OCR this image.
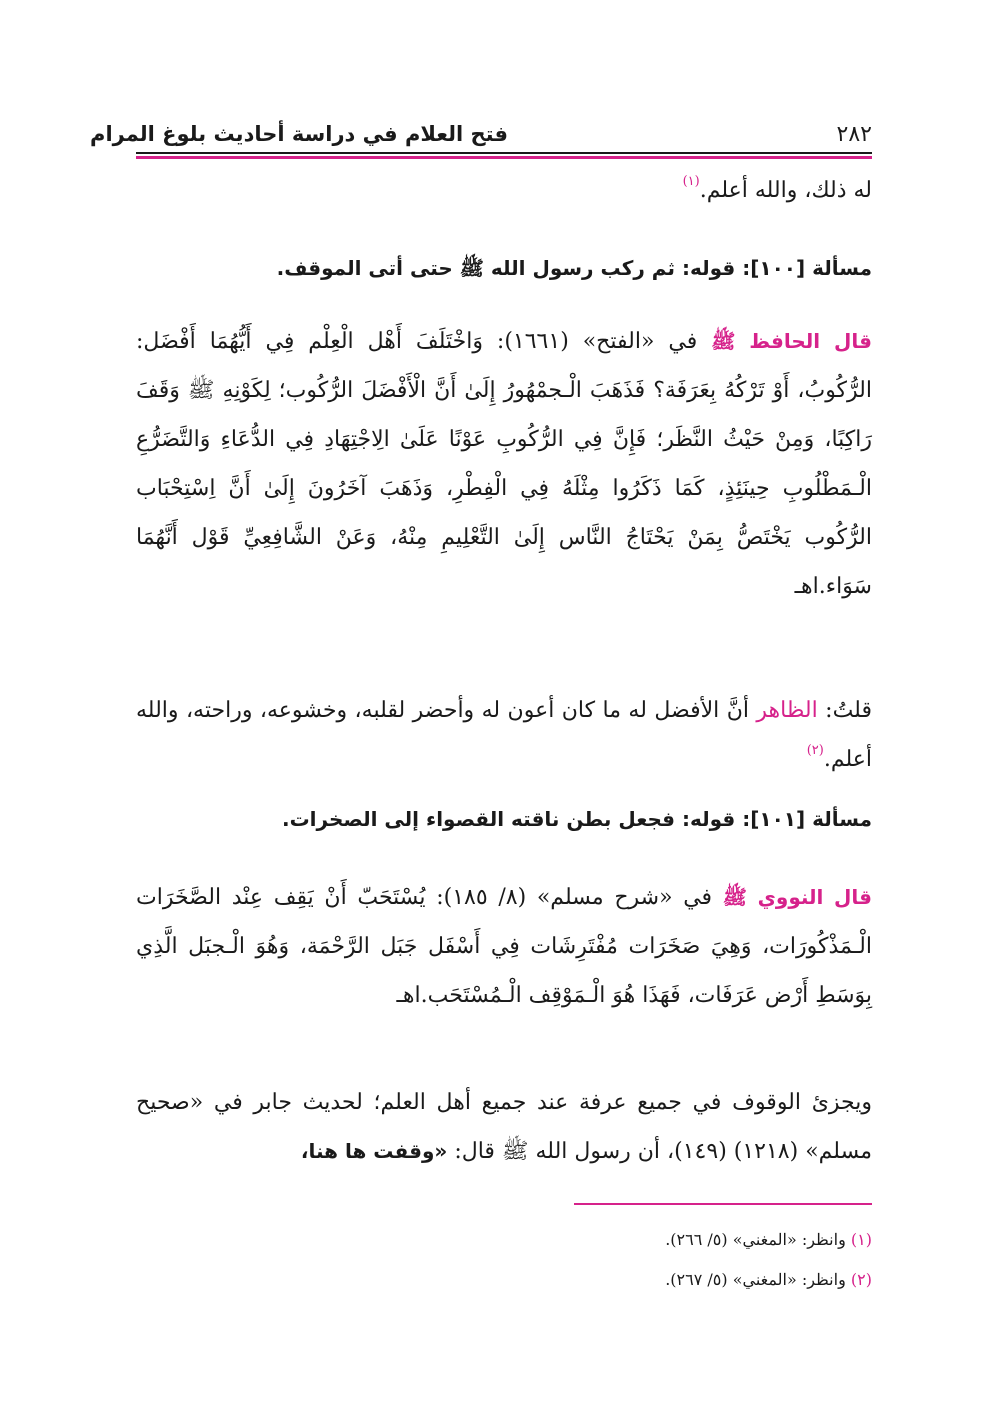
فتح العلام في دراسة أحاديث بلوغ المرام	٢٨٢
له ذلك، والله أعلم.$^{(١)}$
مسألة [١٠٠]: قوله: ثم ركب رسول الله ﷺ حتى أتى الموقف.
قال الحافظ ﷺ في «الفتح» (١٦٦١): وَاخْتَلَفَ أَهْل الْعِلْم فِي أَيُّهُمَا أَفْضَل: الرُّكُوبُ، أَوْ تَرْكُهُ بِعَرَفَة؟ فَذَهَبَ الْـجمْهُورُ إِلَىٰ أَنَّ الْأَفْضَلَ الرُّكُوب؛ لِكَوْنِهِ ﷺ وَقَفَ رَاكِبًا، وَمِنْ حَيْثُ النَّظَر؛ فَإِنَّ فِي الرُّكُوبِ عَوْنًا عَلَىٰ الِاجْتِهَادِ فِي الدُّعَاءِ وَالتَّضَرُّعِ الْـمَطْلُوبِ حِينَئِذٍ، كَمَا ذَكَرُوا مِثْلَهُ فِي الْفِطْرِ، وَذَهَبَ آخَرُونَ إِلَىٰ أَنَّ اِسْتِحْبَاب الرُّكُوب يَخْتَصُّ بِمَنْ يَحْتَاجُ النَّاس إِلَىٰ التَّعْلِيمِ مِنْهُ، وَعَنْ الشَّافِعِيِّ قَوْل أَنَّهُمَا سَوَاء.اهـ
قلتُ: الظاهر أنَّ الأفضل له ما كان أعون له وأحضر لقلبه، وخشوعه، وراحته، والله أعلم.$^{(٢)}$
مسألة [١٠١]: قوله: فجعل بطن ناقته القصواء إلى الصخرات.
قال النووي ﷺ في «شرح مسلم» (٨/ ١٨٥): يُسْتَحَبّ أَنْ يَقِف عِنْد الصَّخَرَات الْـمَذْكُورَات، وَهِيَ صَخَرَات مُفْتَرِشَات فِي أَسْفَل جَبَل الرَّحْمَة، وَهُوَ الْـجبَل الَّذِي بِوَسَطِ أَرْض عَرَفَات، فَهَذَا هُوَ الْـمَوْقِف الْـمُسْتَحَب.اهـ
ويجزئ الوقوف في جميع عرفة عند جميع أهل العلم؛ لحديث جابر في «صحيح مسلم» (١٢١٨) (١٤٩)، أن رسول الله ﷺ قال: «وقفت ها هنا،
(١) وانظر: «المغني» (٥/ ٢٦٦).
(٢) وانظر: «المغني» (٥/ ٢٦٧).
